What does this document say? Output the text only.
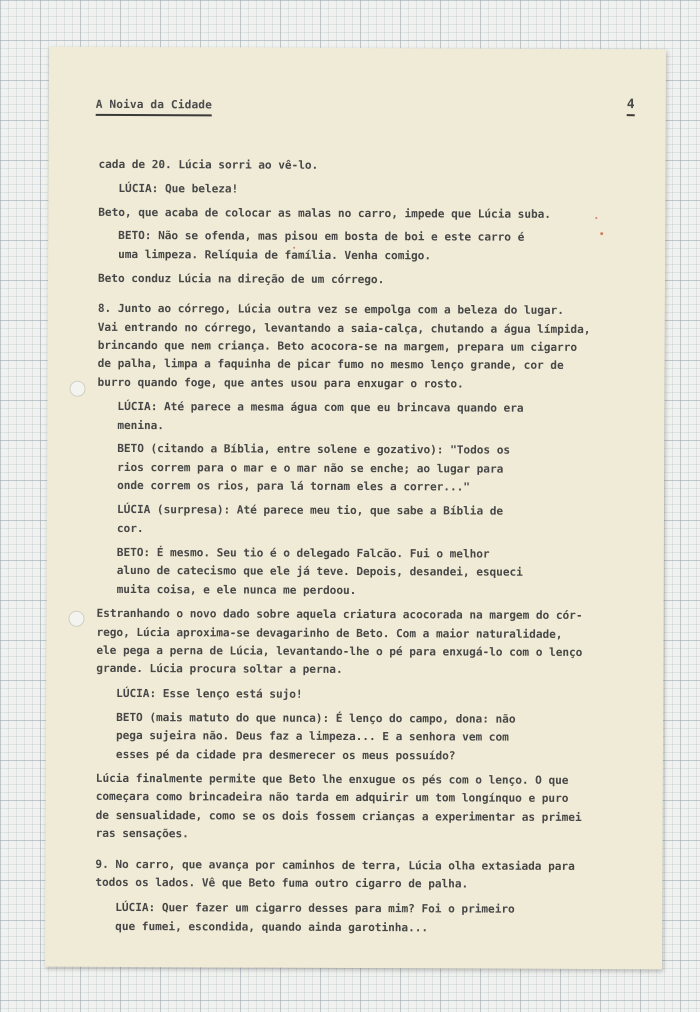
A Noiva da Cidade	4
cada de 20. Lúcia sorri ao vê-lo.
LÚCIA: Que beleza!
Beto, que acaba de colocar as malas no carro, impede que Lúcia suba.
BETO: Não se ofenda, mas pisou em bosta de boi e este carro é
uma limpeza. Relíquia de família. Venha comigo.
Beto conduz Lúcia na direção de um córrego.
8. Junto ao córrego, Lúcia outra vez se empolga com a beleza do lugar.
Vai entrando no córrego, levantando a saia-calça, chutando a água límpida,
brincando que nem criança. Beto acocora-se na margem, prepara um cigarro
de palha, limpa a faquinha de picar fumo no mesmo lenço grande, cor de
burro quando foge, que antes usou para enxugar o rosto.
LÚCIA: Até parece a mesma água com que eu brincava quando era
menina.
BETO (citando a Bíblia, entre solene e gozativo): "Todos os
rios correm para o mar e o mar não se enche; ao lugar para
onde correm os rios, para lá tornam eles a correr..."
LÚCIA (surpresa): Até parece meu tio, que sabe a Bíblia de
cor.
BETO: É mesmo. Seu tio é o delegado Falcão. Fui o melhor
aluno de catecismo que ele já teve. Depois, desandei, esqueci
muita coisa, e ele nunca me perdoou.
Estranhando o novo dado sobre aquela criatura acocorada na margem do cór-
rego, Lúcia aproxima-se devagarinho de Beto. Com a maior naturalidade,
ele pega a perna de Lúcia, levantando-lhe o pé para enxugá-lo com o lenço
grande. Lúcia procura soltar a perna.
LÚCIA: Esse lenço está sujo!
BETO (mais matuto do que nunca): É lenço do campo, dona: não
pega sujeira não. Deus faz a limpeza... E a senhora vem com
esses pé da cidade pra desmerecer os meus possuído?
Lúcia finalmente permite que Beto lhe enxugue os pés com o lenço. O que
começara como brincadeira não tarda em adquirir um tom longínquo e puro
de sensualidade, como se os dois fossem crianças a experimentar as primei
ras sensações.
9. No carro, que avança por caminhos de terra, Lúcia olha extasiada para
todos os lados. Vê que Beto fuma outro cigarro de palha.
LÚCIA: Quer fazer um cigarro desses para mim? Foi o primeiro
que fumei, escondida, quando ainda garotinha...
